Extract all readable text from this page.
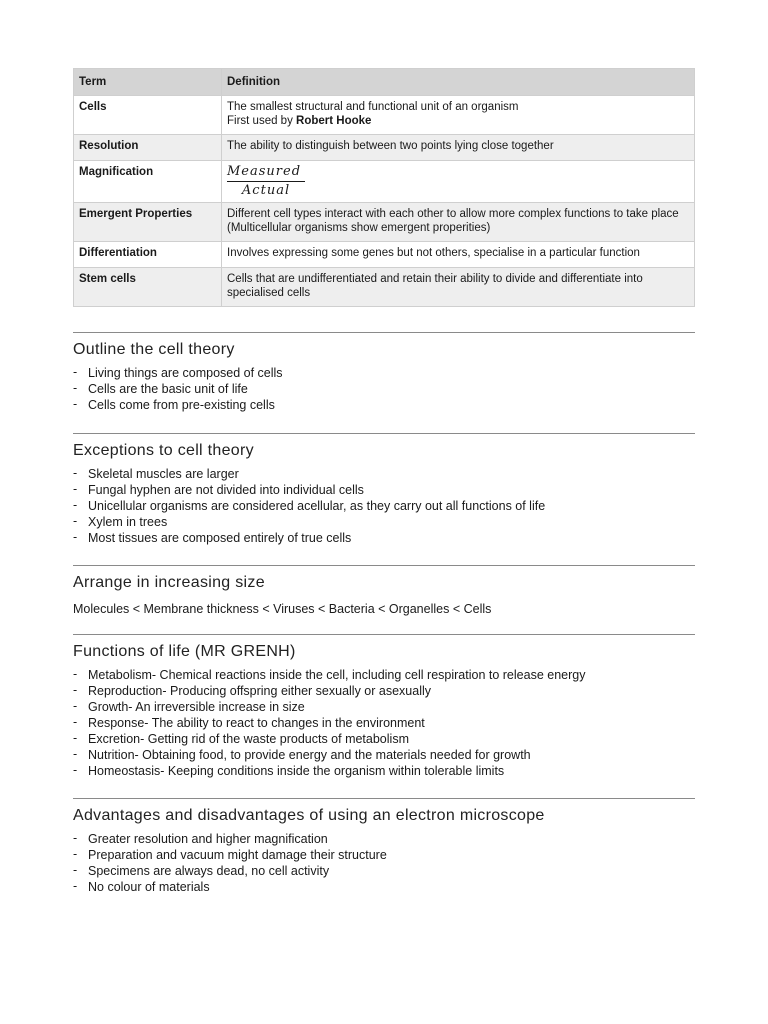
Term	Definition
Cells	The smallest structural and functional unit of an organism
First used by Robert Hooke
Resolution	The ability to distinguish between two points lying close together
Magnification	$\frac{\text{Measured}}{\text{Actual}}$

Emergent Properties	Different cell types interact with each other to allow more complex functions to take place (Multicellular organisms show emergent properities)
Differentiation	Involves expressing some genes but not others, specialise in a particular function
Stem cells	Cells that are undifferentiated and retain their ability to divide and differentiate into specialised cells
Outline the cell theory
- Living things are composed of cells
- Cells are the basic unit of life
- Cells come from pre-existing cells
Exceptions to cell theory
- Skeletal muscles are larger
- Fungal hyphen are not divided into individual cells
- Unicellular organisms are considered acellular, as they carry out all functions of life
- Xylem in trees
- Most tissues are composed entirely of true cells
Arrange in increasing size

Molecules < Membrane thickness < Viruses < Bacteria < Organelles < Cells

Functions of life (MR GRENH)
- Metabolism- Chemical reactions inside the cell, including cell respiration to release energy
- Reproduction- Producing offspring either sexually or asexually
- Growth- An irreversible increase in size
- Response- The ability to react to changes in the environment
- Excretion- Getting rid of the waste products of metabolism
- Nutrition- Obtaining food, to provide energy and the materials needed for growth
- Homeostasis- Keeping conditions inside the organism within tolerable limits
Advantages and disadvantages of using an electron microscope
- Greater resolution and higher magnification
- Preparation and vacuum might damage their structure
- Specimens are always dead, no cell activity
- No colour of materials
